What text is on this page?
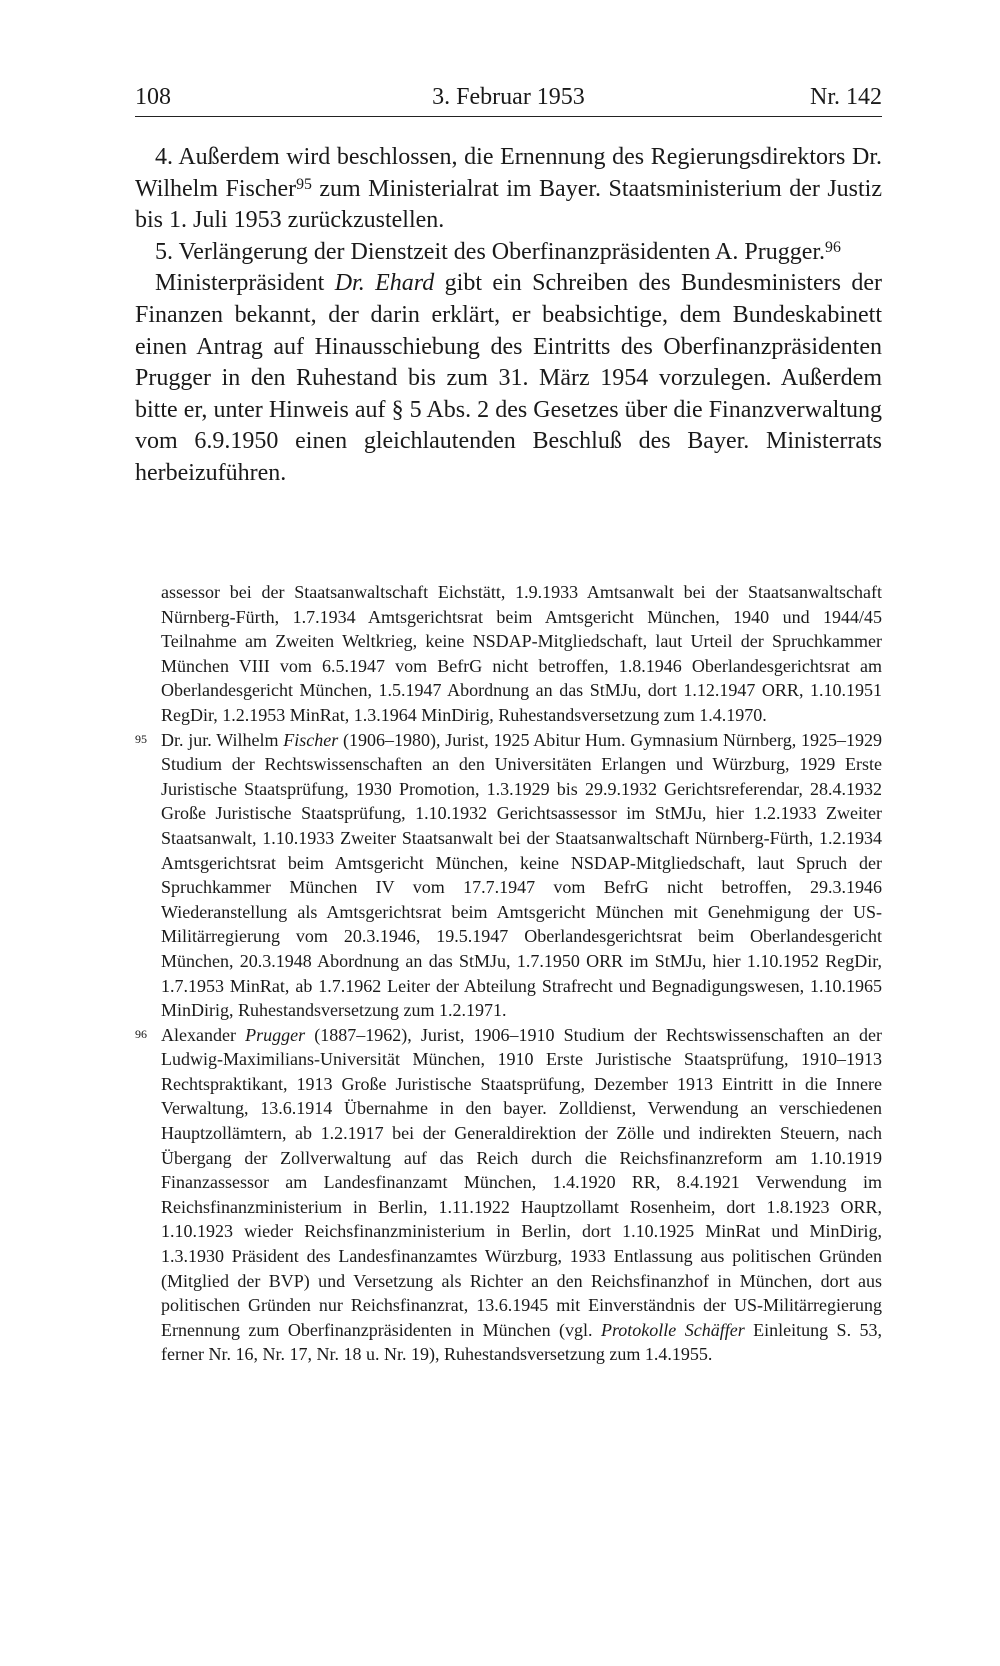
108	3. Februar 1953	Nr. 142

4. Außerdem wird beschlossen, die Ernennung des Regierungsdirektors Dr. Wilhelm Fischer$^{95}$ zum Ministerialrat im Bayer. Staatsministerium der Justiz bis 1. Juli 1953 zurückzustellen.

5. Verlängerung der Dienstzeit des Oberfinanzpräsidenten A. Prugger.$^{96}$

Ministerpräsident Dr. Ehard gibt ein Schreiben des Bundesministers der Finanzen bekannt, der darin erklärt, er beabsichtige, dem Bundeskabinett einen Antrag auf Hinausschiebung des Eintritts des Oberfinanzpräsidenten Prugger in den Ruhestand bis zum 31. März 1954 vorzulegen. Außerdem bitte er, unter Hinweis auf § 5 Abs. 2 des Gesetzes über die Finanzverwaltung vom 6.9.1950 einen gleichlautenden Beschluß des Bayer. Ministerrats herbeizuführen.

assessor bei der Staatsanwaltschaft Eichstätt, 1.9.1933 Amtsanwalt bei der Staatsanwaltschaft Nürnberg-Fürth, 1.7.1934 Amtsgerichtsrat beim Amtsgericht München, 1940 und 1944/45 Teilnahme am Zweiten Weltkrieg, keine NSDAP-Mitgliedschaft, laut Urteil der Spruchkammer München VIII vom 6.5.1947 vom BefrG nicht betroffen, 1.8.1946 Oberlandesgerichtsrat am Oberlandesgericht München, 1.5.1947 Abordnung an das StMJu, dort 1.12.1947 ORR, 1.10.1951 RegDir, 1.2.1953 MinRat, 1.3.1964 MinDirig, Ruhestandsversetzung zum 1.4.1970.

95 Dr. jur. Wilhelm Fischer (1906–1980), Jurist, 1925 Abitur Hum. Gymnasium Nürnberg, 1925–1929 Studium der Rechtswissenschaften an den Universitäten Erlangen und Würzburg, 1929 Erste Juristische Staatsprüfung, 1930 Promotion, 1.3.1929 bis 29.9.1932 Gerichtsreferendar, 28.4.1932 Große Juristische Staatsprüfung, 1.10.1932 Gerichtsassessor im StMJu, hier 1.2.1933 Zweiter Staatsanwalt, 1.10.1933 Zweiter Staatsanwalt bei der Staatsanwaltschaft Nürnberg-Fürth, 1.2.1934 Amtsgerichtsrat beim Amtsgericht München, keine NSDAP-Mitgliedschaft, laut Spruch der Spruchkammer München IV vom 17.7.1947 vom BefrG nicht betroffen, 29.3.1946 Wiederanstellung als Amtsgerichtsrat beim Amtsgericht München mit Genehmigung der US-Militärregierung vom 20.3.1946, 19.5.1947 Oberlandesgerichtsrat beim Oberlandesgericht München, 20.3.1948 Abordnung an das StMJu, 1.7.1950 ORR im StMJu, hier 1.10.1952 RegDir, 1.7.1953 MinRat, ab 1.7.1962 Leiter der Abteilung Strafrecht und Begnadigungswesen, 1.10.1965 MinDirig, Ruhestandsversetzung zum 1.2.1971.

96 Alexander Prugger (1887–1962), Jurist, 1906–1910 Studium der Rechtswissenschaften an der Ludwig-Maximilians-Universität München, 1910 Erste Juristische Staatsprüfung, 1910–1913 Rechtspraktikant, 1913 Große Juristische Staatsprüfung, Dezember 1913 Eintritt in die Innere Verwaltung, 13.6.1914 Übernahme in den bayer. Zolldienst, Verwendung an verschiedenen Hauptzollämtern, ab 1.2.1917 bei der Generaldirektion der Zölle und indirekten Steuern, nach Übergang der Zollverwaltung auf das Reich durch die Reichsfinanzreform am 1.10.1919 Finanzassessor am Landesfinanzamt München, 1.4.1920 RR, 8.4.1921 Verwendung im Reichsfinanzministerium in Berlin, 1.11.1922 Hauptzollamt Rosenheim, dort 1.8.1923 ORR, 1.10.1923 wieder Reichsfinanzministerium in Berlin, dort 1.10.1925 MinRat und MinDirig, 1.3.1930 Präsident des Landesfinanzamtes Würzburg, 1933 Entlassung aus politischen Gründen (Mitglied der BVP) und Versetzung als Richter an den Reichsfinanzhof in München, dort aus politischen Gründen nur Reichsfinanzrat, 13.6.1945 mit Einverständnis der US-Militärregierung Ernennung zum Oberfinanzpräsidenten in München (vgl. Protokolle Schäffer Einleitung S. 53, ferner Nr. 16, Nr. 17, Nr. 18 u. Nr. 19), Ruhestandsversetzung zum 1.4.1955.
